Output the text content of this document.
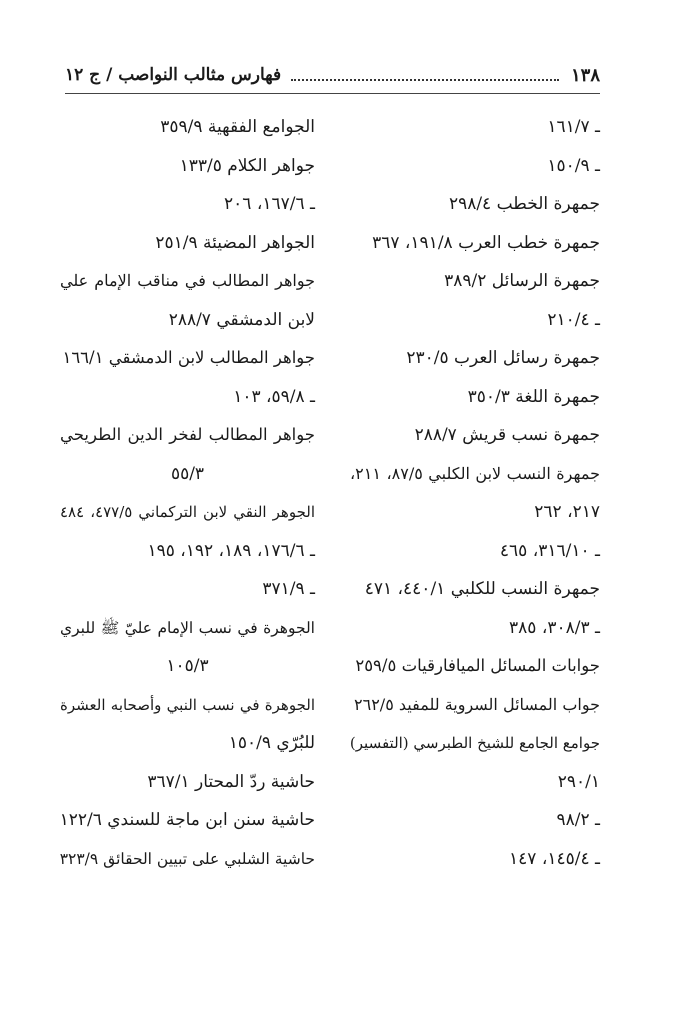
١٣٨
فهارس مثالب النواصب / ج ١٢
ـ ١٦١/٧
ـ ١٥٠/٩
جمهرة الخطب ٢٩٨/٤
جمهرة خطب العرب ١٩١/٨، ٣٦٧
جمهرة الرسائل ٣٨٩/٢
ـ ٢١٠/٤
جمهرة رسائل العرب ٢٣٠/٥
جمهرة اللغة ٣٥٠/٣
جمهرة نسب قريش ٢٨٨/٧
جمهرة النسب لابن الكلبي ٨٧/٥، ٢١١،
٢١٧، ٢٦٢
ـ ٣١٦/١٠، ٤٦٥
جمهرة النسب للكلبي ٤٤٠/١، ٤٧١
ـ ٣٠٨/٣، ٣٨٥
جوابات المسائل الميافارقيات ٢٥٩/٥
جواب المسائل السروية للمفيد ٢٦٢/٥
جوامع الجامع للشيخ الطبرسي (التفسير)
٢٩٠/١
ـ ٩٨/٢
ـ ١٤٥/٤، ١٤٧
الجوامع الفقهية ٣٥٩/٩
جواهر الكلام ١٣٣/٥
ـ ١٦٧/٦، ٢٠٦
الجواهر المضيئة ٢٥١/٩
جواهر المطالب في مناقب الإمام علي
لابن الدمشقي ٢٨٨/٧
جواهر المطالب لابن الدمشقي ١٦٦/١
ـ ٥٩/٨، ١٠٣
جواهر المطالب لفخر الدين الطريحي
٥٥/٣
الجوهر النقي لابن التركماني ٤٧٧/٥، ٤٨٤
ـ ١٧٦/٦، ١٨٩، ١٩٢، ١٩٥
ـ ٣٧١/٩
الجوهرة في نسب الإمام عليّ ﷺ للبري
١٠٥/٣
الجوهرة في نسب النبي وأصحابه العشرة
للبُرّي ١٥٠/٩
حاشية ردّ المحتار ٣٦٧/١
حاشية سنن ابن ماجة للسندي ١٢٢/٦
حاشية الشلبي على تبيين الحقائق ٣٢٣/٩
